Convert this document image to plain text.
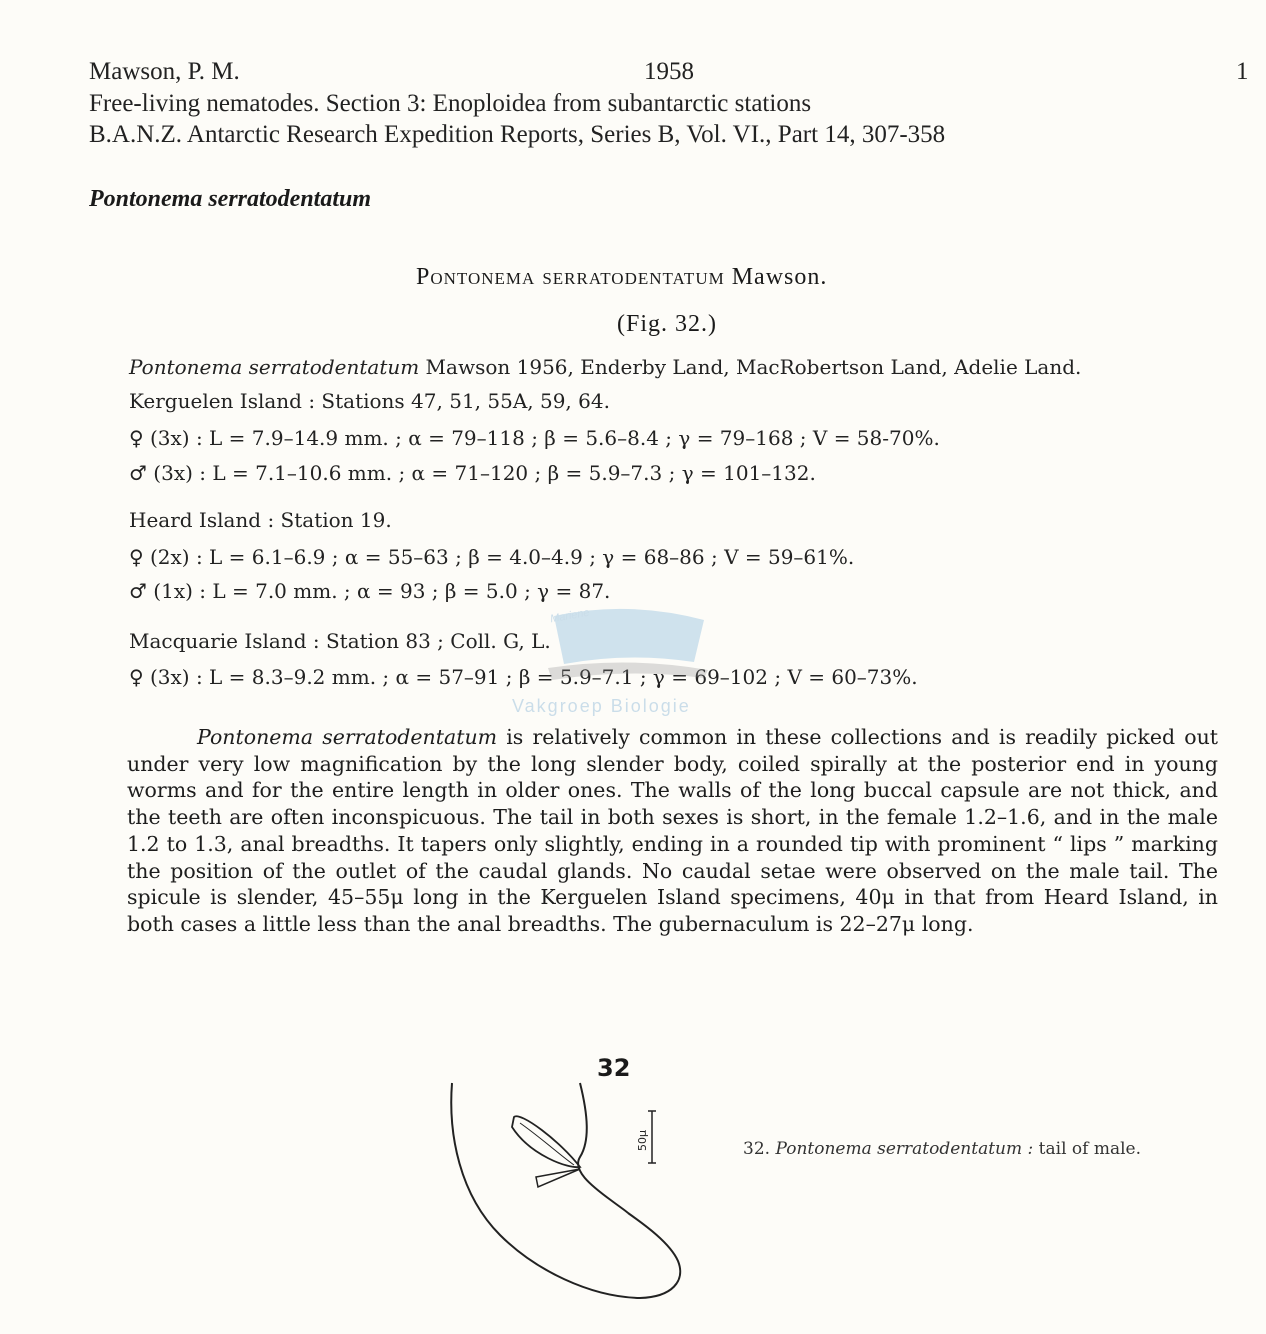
Mawson, P. M.	1958	1
Free-living nematodes. Section 3: Enoploidea from subantarctic stations
B.A.N.Z. Antarctic Research Expedition Reports, Series B, Vol. VI., Part 14, 307-358
Pontonema serratodentatum
Pontonema serratodentatum Mawson.
(Fig. 32.)
Pontonema serratodentatum Mawson 1956, Enderby Land, MacRobertson Land, Adelie Land.
Kerguelen Island : Stations 47, 51, 55A, 59, 64.
♀ (3x) : L = 7.9–14.9 mm. ; α = 79–118 ; β = 5.6–8.4 ; γ = 79–168 ; V = 58-70%.
♂ (3x) : L = 7.1–10.6 mm. ; α = 71–120 ; β = 5.9–7.3 ; γ = 101–132.
Heard Island : Station 19.
♀ (2x) : L = 6.1–6.9 ; α = 55–63 ; β = 4.0–4.9 ; γ = 68–86 ; V = 59–61%.
♂ (1x) : L = 7.0 mm. ; α = 93 ; β = 5.0 ; γ = 87.
Macquarie Island : Station 83 ; Coll. G, L.
♀ (3x) : L = 8.3–9.2 mm. ; α = 57–91 ; β = 5.9–7.1 ; γ = 69–102 ; V = 60–73%.
Mariene
Vakgroep Biologie
Pontonema serratodentatum is relatively common in these collections and is readily picked out under very low magnification by the long slender body, coiled spirally at the posterior end in young worms and for the entire length in older ones. The walls of the long buccal capsule are not thick, and the teeth are often inconspicuous. The tail in both sexes is short, in the female 1.2–1.6, and in the male 1.2 to 1.3, anal breadths. It tapers only slightly, ending in a rounded tip with prominent “ lips ” marking the position of the outlet of the caudal glands. No caudal setae were observed on the male tail. The spicule is slender, 45–55μ long in the Kerguelen Island specimens, 40μ in that from Heard Island, in both cases a little less than the anal breadths. The gubernaculum is 22–27μ long.
32
50μ	32. Pontonema serratodentatum : tail of male.
